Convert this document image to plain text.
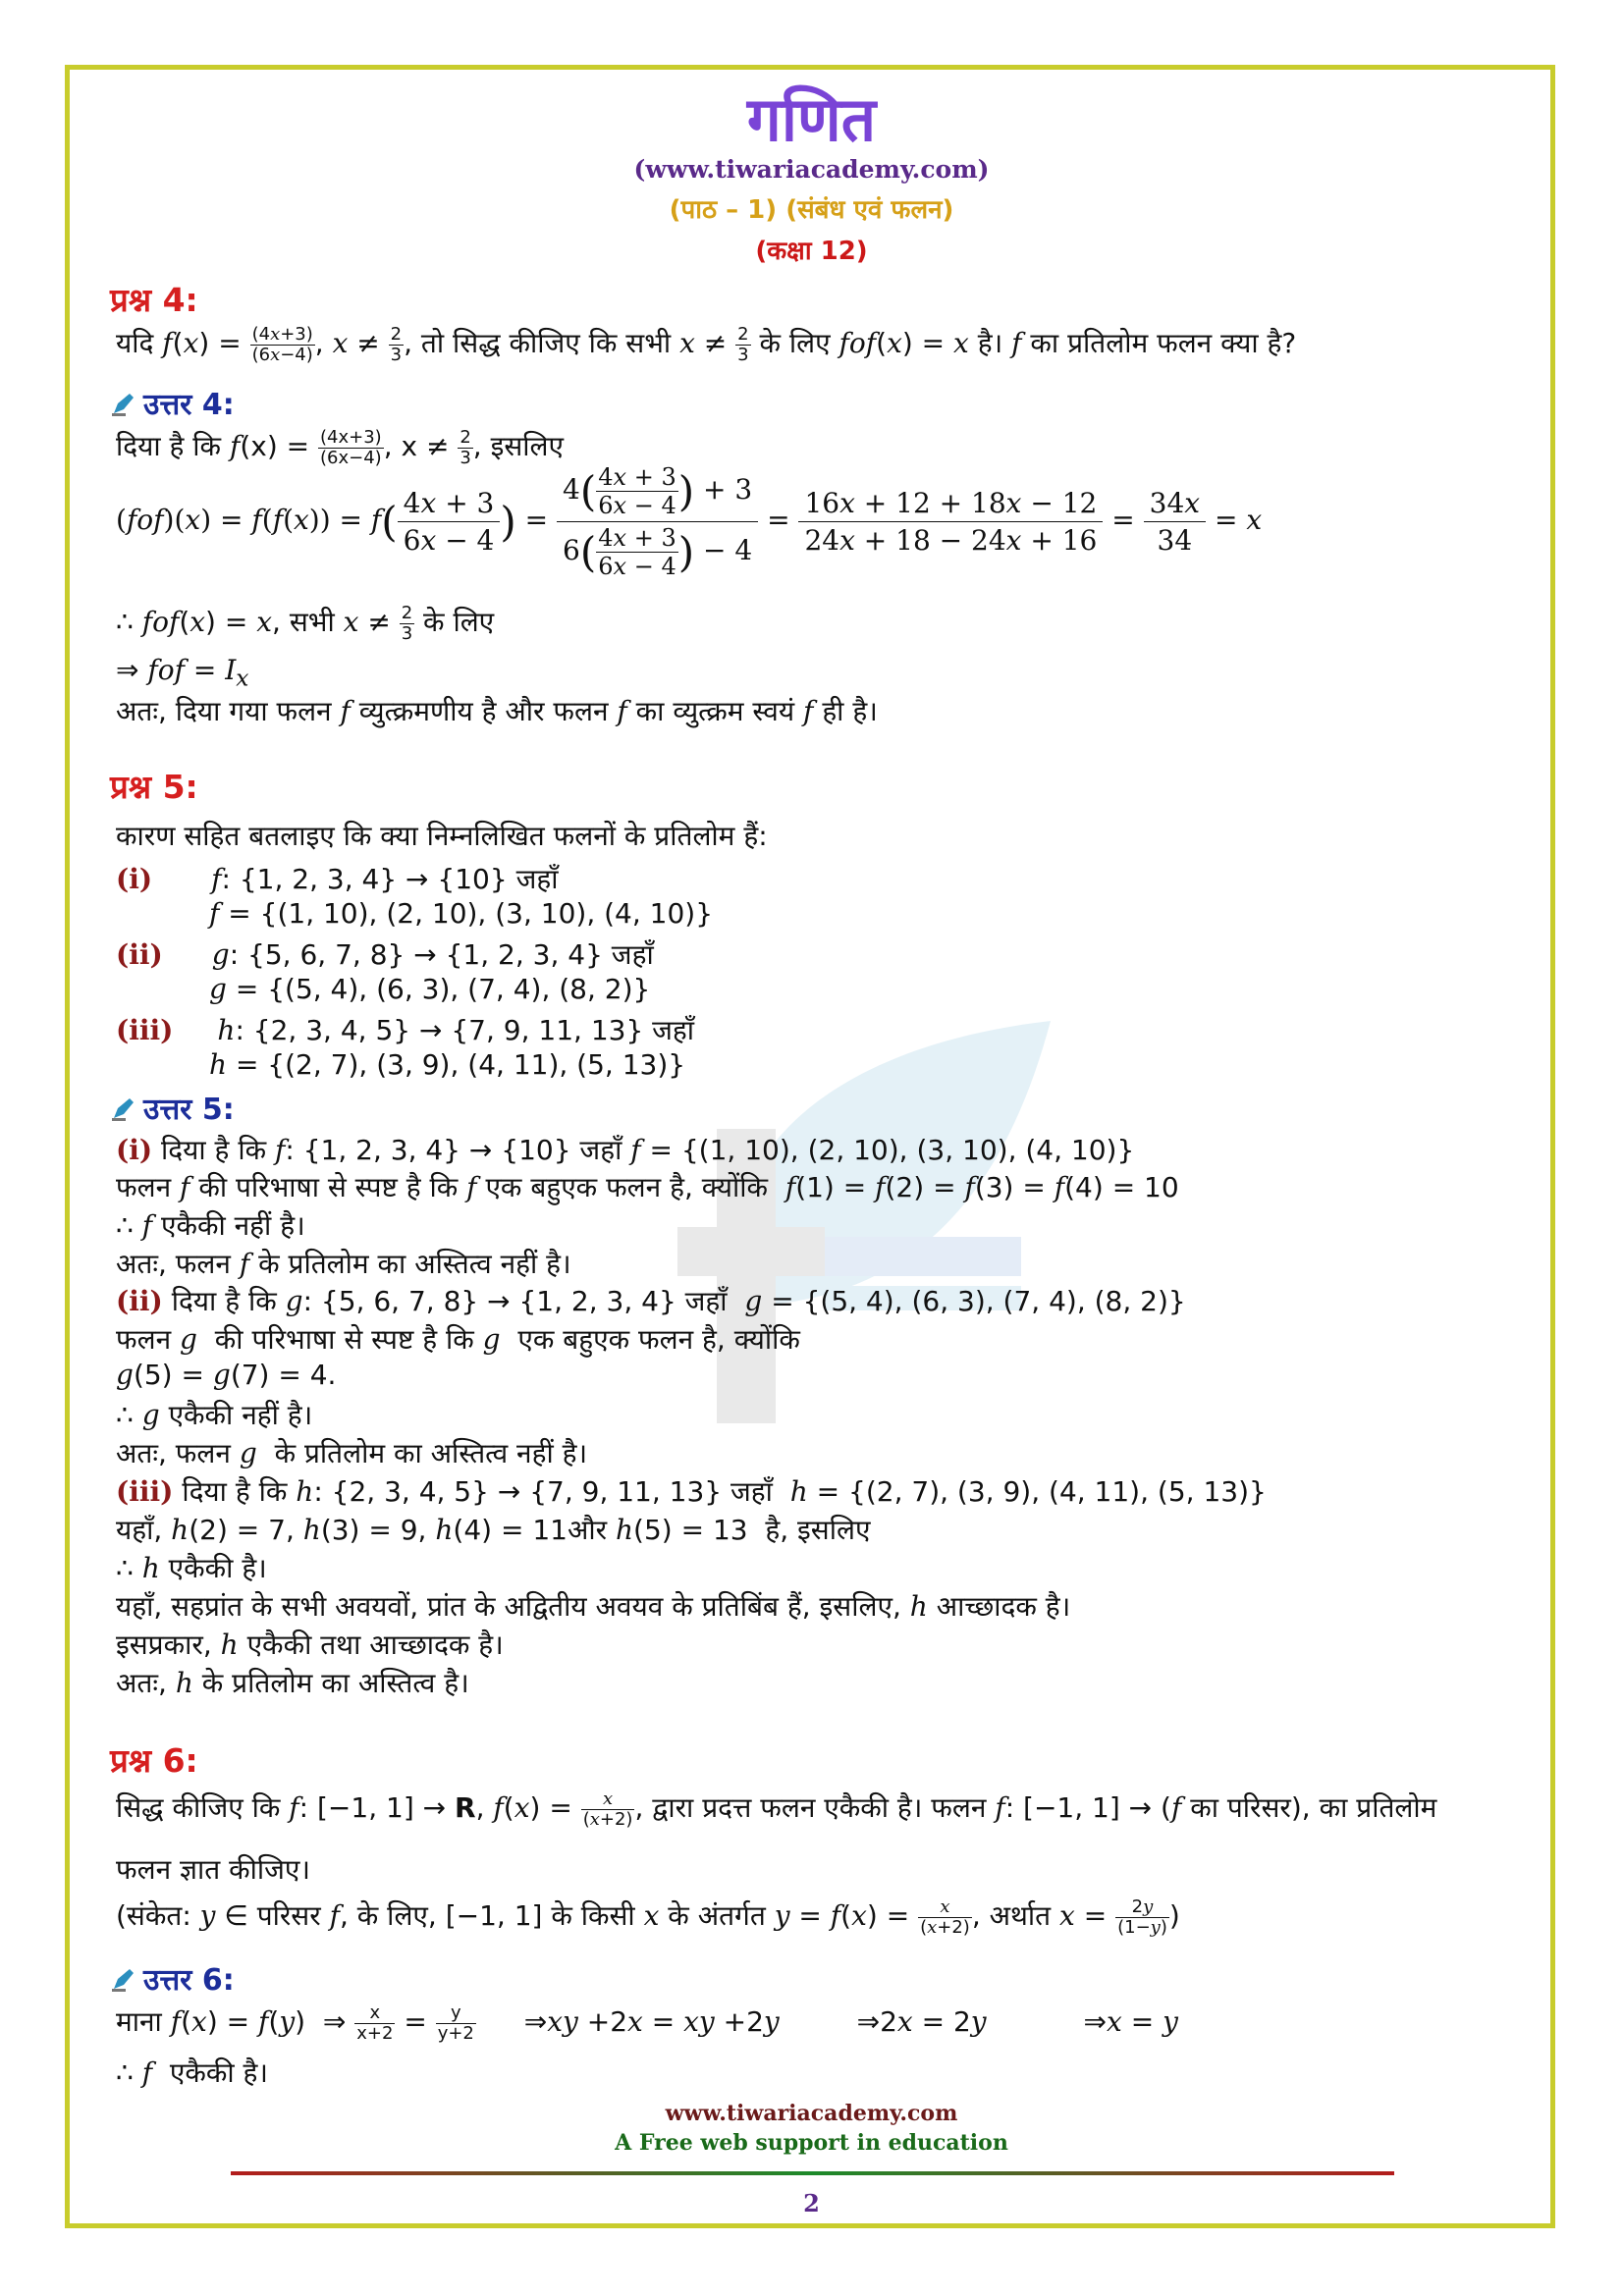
गणित
(www.tiwariacademy.com)
(पाठ – 1) (संबंध एवं फलन)
(कक्षा 12)
प्रश्न 4:
यदि $f(x) = \frac{(4x+3)}{(6x-4)}$ , $x \ne \frac{2}{3}$ , तो सिद्ध कीजिए कि सभी $x \ne \frac{2}{3}$ के लिए fof(x) = x है। f का प्रतिलोम फलन क्या है?
उत्तर 4:
दिया है कि $f(x) = \frac{(4x+3)}{(6x-4)}$ , $x \ne \frac{2}{3}$ , इसलिए
$(fof)(x) = f(f(x)) = f( \frac{4x + 3}{6x - 4}$ ) = $\frac{4( \frac{4x + 3}{6x - 4} ) + 3}{6( \frac{4x + 3}{6x - 4} ) - 4} = \frac{16x + 12 + 18x - 12}{24x + 18 - 24x + 16} = \frac{34x}{34} = x$
∴ fof(x) = x, सभी $x \ne \frac{2}{3}$ के लिए
⇒ fof = $I_x$
अतः, दिया गया फलन f व्युत्क्रमणीय है और फलन f का व्युत्क्रम स्वयं f ही है।
प्रश्न 5:
कारण सहित बतलाइए कि क्या निम्नलिखित फलनों के प्रतिलोम हैं:
(i) f: {1, 2, 3, 4} → {10} जहाँ
f = {(1, 10), (2, 10), (3, 10), (4, 10)}
(ii) g: {5, 6, 7, 8} → {1, 2, 3, 4} जहाँ
g = {(5, 4), (6, 3), (7, 4), (8, 2)}
(iii) h: {2, 3, 4, 5} → {7, 9, 11, 13} जहाँ
h = {(2, 7), (3, 9), (4, 11), (5, 13)}
उत्तर 5:
(i) दिया है कि f: {1, 2, 3, 4} → {10} जहाँ f = {(1, 10), (2, 10), (3, 10), (4, 10)}
फलन f की परिभाषा से स्पष्ट है कि f एक बहुएक फलन है, क्योंकि f(1) = f(2) = f(3) = f(4) = 10
∴ f एकैकी नहीं है।
अतः, फलन f के प्रतिलोम का अस्तित्व नहीं है।
(ii) दिया है कि g: {5, 6, 7, 8} → {1, 2, 3, 4} जहाँ g = {(5, 4), (6, 3), (7, 4), (8, 2)}
फलन g की परिभाषा से स्पष्ट है कि g एक बहुएक फलन है, क्योंकि
g(5) = g(7) = 4.
∴ g एकैकी नहीं है।
अतः, फलन g के प्रतिलोम का अस्तित्व नहीं है।
(iii) दिया है कि h: {2, 3, 4, 5} → {7, 9, 11, 13} जहाँ h = {(2, 7), (3, 9), (4, 11), (5, 13)}
यहाँ, h(2) = 7, h(3) = 9, h(4) = 11और h(5) = 13  है, इसलिए
∴ h एकैकी है।
यहाँ, सहप्रांत के सभी अवयवों, प्रांत के अद्वितीय अवयव के प्रतिबिंब हैं, इसलिए, h आच्छादक है।
इसप्रकार, h एकैकी तथा आच्छादक है।
अतः, h के प्रतिलोम का अस्तित्व है।
प्रश्न 6:
सिद्ध कीजिए कि f: [−1, 1] → R, $f(x) = \frac{x}{(x+2)}$ , द्वारा प्रदत्त फलन एकैकी है। फलन f: [−1, 1] → (f का परिसर), का प्रतिलोम
फलन ज्ञात कीजिए।
(संकेत: y ∈ परिसर f, के लिए, [−1, 1] के किसी x के अंतर्गत $y = f(x) = \frac{x}{(x+2)}$ , अर्थात $x = \frac{2y}{(1-y)}$ )
उत्तर 6:
माना f(x) = f(y)  ⇒ $\frac{x}{x+2} = \frac{y}{y+2}$ ⇒xy +2x = xy +2y	⇒2x = 2y	⇒x = y
∴ f एकैकी है।
www.tiwariacademy.com
A Free web support in education
2
